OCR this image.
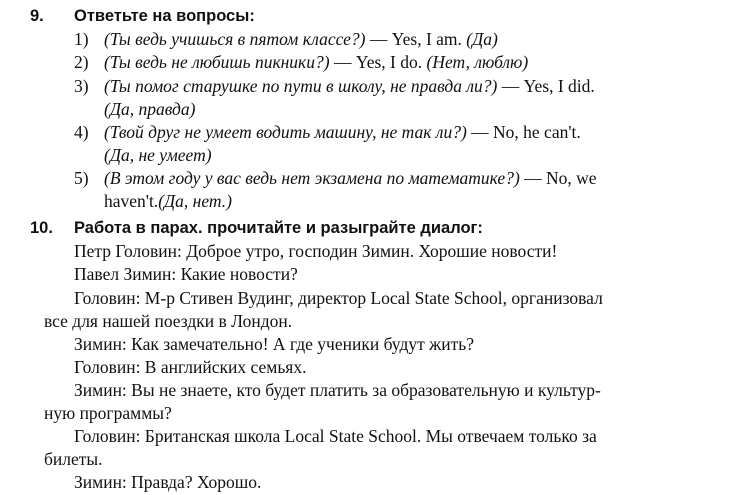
9. Ответьте на вопросы:
1) (Ты ведь учишься в пятом классе?) — Yes, I am. (Да)
2) (Ты ведь не любишь пикники?) — Yes, I do. (Нет, люблю)
3) (Ты помог старушке по пути в школу, не правда ли?) — Yes, I did.
(Да, правда)
4) (Твой друг не умеет водить машину, не так ли?) — No, he can't.
(Да, не умеет)
5) (В этом году у вас ведь нет экзамена по математике?) — No, we
haven't.(Да, нет.)
10. Работа в парах. прочитайте и разыграйте диалог:
Петр Головин: Доброе утро, господин Зимин. Хорошие новости!
Павел Зимин: Какие новости?
Головин: М-р Стивен Вудинг, директор Local State School, организовал
все для нашей поездки в Лондон.
Зимин: Как замечательно! А где ученики будут жить?
Головин: В английских семьях.
Зимин: Вы не знаете, кто будет платить за образовательную и культур-
ную программы?
Головин: Британская школа Local State School. Мы отвечаем только за
билеты.
Зимин: Правда? Хорошо.
